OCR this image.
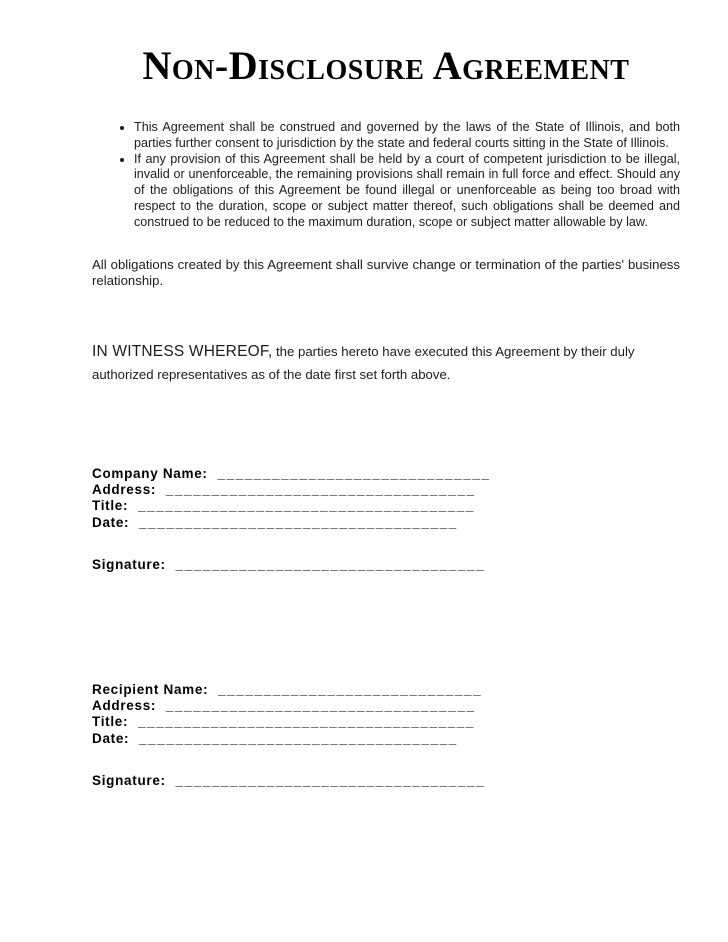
Non-Disclosure Agreement
• This Agreement shall be construed and governed by the laws of the State of Illinois, and both parties further consent to jurisdiction by the state and federal courts sitting in the State of Illinois.
• If any provision of this Agreement shall be held by a court of competent jurisdiction to be illegal, invalid or unenforceable, the remaining provisions shall remain in full force and effect. Should any of the obligations of this Agreement be found illegal or unenforceable as being too broad with respect to the duration, scope or subject matter thereof, such obligations shall be deemed and construed to be reduced to the maximum duration, scope or subject matter allowable by law.

All obligations created by this Agreement shall survive change or termination of the parties' business relationship.

IN WITNESS WHEREOF, the parties hereto have executed this Agreement by their duly authorized representatives as of the date first set forth above.

Company Name: ______________________________
Address: __________________________________
Title: _____________________________________
Date: ___________________________________
Signature: __________________________________
Recipient Name: _____________________________
Address: __________________________________
Title: _____________________________________
Date: ___________________________________
Signature: __________________________________
